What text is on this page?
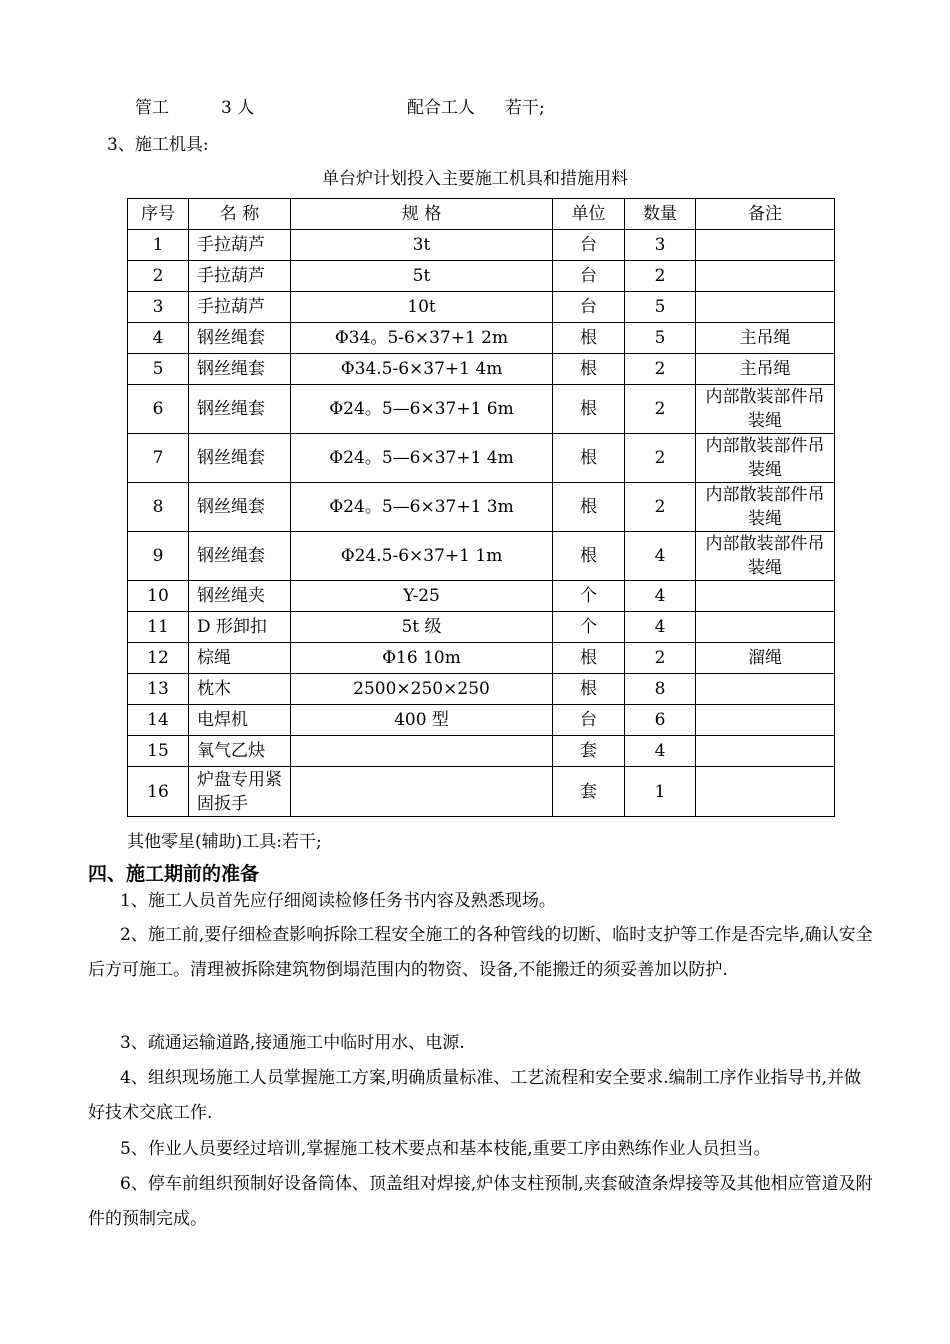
管工	3 人	配合工人 若干;
3、施工机具:
单台炉计划投入主要施工机具和措施用料
序号	名 称	规 格	单位	数量	备注
1	手拉葫芦	3t	台	3	
2	手拉葫芦	5t	台	2	
3	手拉葫芦	10t	台	5	
4	钢丝绳套	Φ34。5-6×37+1 2m	根	5	主吊绳
5	钢丝绳套	Φ34.5-6×37+1 4m	根	2	主吊绳
6	钢丝绳套	Φ24。5—6×37+1 6m	根	2	内部散装部件吊装绳
7	钢丝绳套	Φ24。5—6×37+1 4m	根	2	内部散装部件吊装绳
8	钢丝绳套	Φ24。5—6×37+1 3m	根	2	内部散装部件吊装绳
9	钢丝绳套	Φ24.5-6×37+1 1m	根	4	内部散装部件吊装绳
10	钢丝绳夹	Y-25	个	4	
11	D 形卸扣	5t 级	个	4	
12	棕绳	Φ16 10m	根	2	溜绳
13	枕木	2500×250×250	根	8	
14	电焊机	400 型	台	6	
15	氧气乙炔		套	4	
16	炉盘专用紧固扳手		套	1	
其他零星(辅助)工具:若干;
四、施工期前的准备
1、施工人员首先应仔细阅读检修任务书内容及熟悉现场。
2、施工前,要仔细检查影响拆除工程安全施工的各种管线的切断、临时支护等工作是否完毕,确认安全后方可施工。清理被拆除建筑物倒塌范围内的物资、设备,不能搬迁的须妥善加以防护.
3、疏通运输道路,接通施工中临时用水、电源.
4、组织现场施工人员掌握施工方案,明确质量标准、工艺流程和安全要求.编制工序作业指导书,并做好技术交底工作.
5、作业人员要经过培训,掌握施工枝术要点和基本枝能,重要工序由熟练作业人员担当。
6、停车前组织预制好设备筒体、顶盖组对焊接,炉体支柱预制,夹套破渣条焊接等及其他相应管道及附件的预制完成。
